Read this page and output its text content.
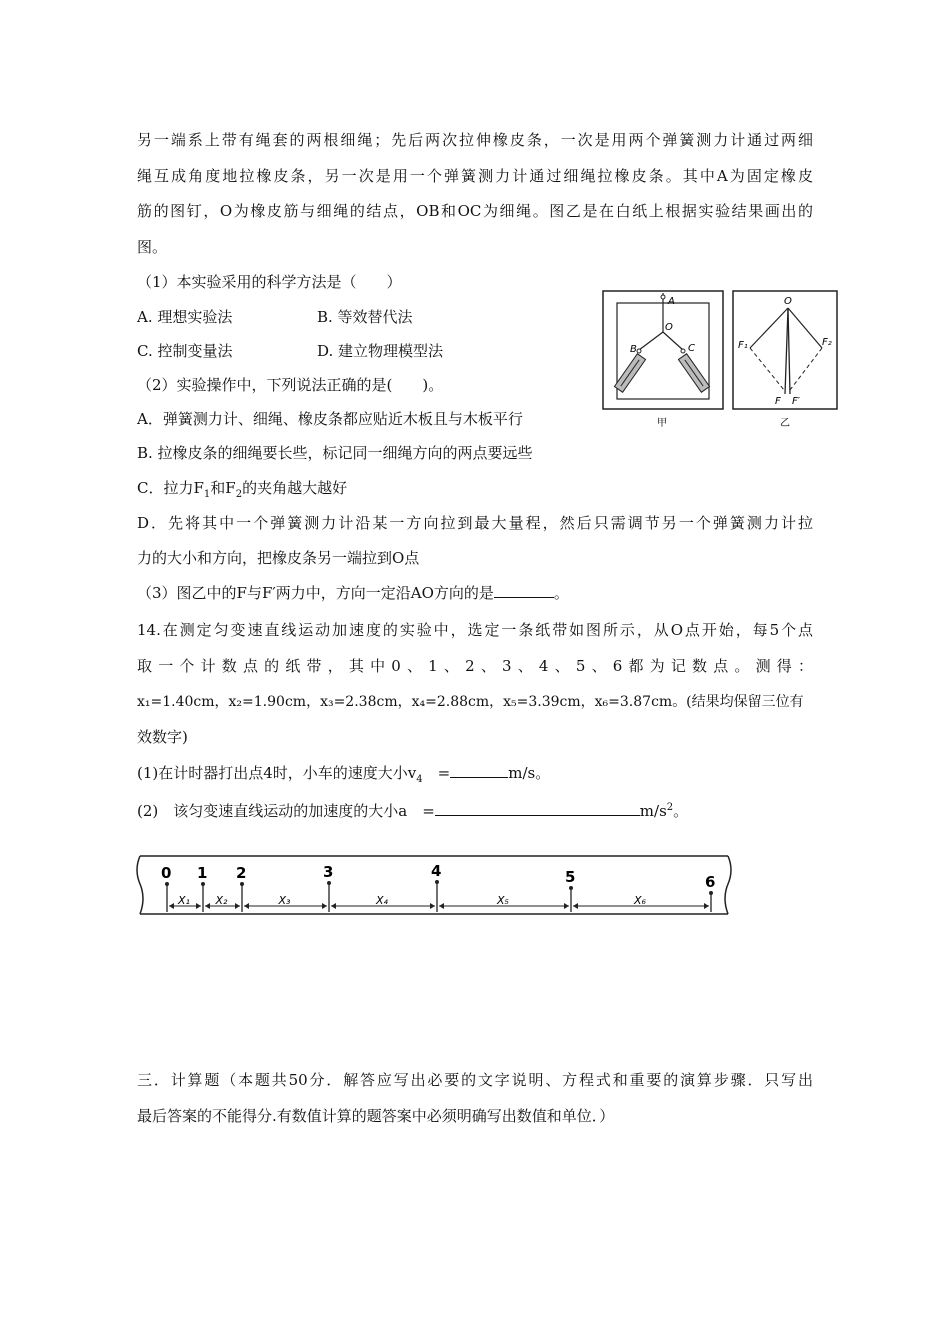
另一端系上带有绳套的两根细绳；先后两次拉伸橡皮条，一次是用两个弹簧测力计通过两细
绳互成角度地拉橡皮条，另一次是用一个弹簧测力计通过细绳拉橡皮条。其中A为固定橡皮
筋的图钉，O为橡皮筋与细绳的结点，OB和OC为细绳。图乙是在白纸上根据实验结果画出的
图。
（1）本实验采用的科学方法是（　　）
A. 理想实验法	B. 等效替代法
C. 控制变量法	D. 建立物理模型法
（2）实验操作中，下列说法正确的是(　　)。
A．弹簧测力计、细绳、橡皮条都应贴近木板且与木板平行
B. 拉橡皮条的细绳要长些，标记同一细绳方向的两点要远些
C．拉力$F_1$和$F_2$的夹角越大越好
D．先将其中一个弹簧测力计沿某一方向拉到最大量程，然后只需调节另一个弹簧测力计拉
力的大小和方向，把橡皮条另一端拉到O点
（3）图乙中的F与F′两力中，方向一定沿AO方向的是	。
14.在测定匀变速直线运动加速度的实验中，选定一条纸带如图所示，从O点开始，每5个点
取一个计数点的纸带，其中0、1、2、3、4、5、6都为记数点。测得：
x₁=1.40cm，x₂=1.90cm，x₃=2.38cm，x₄=2.88cm，x₅=3.39cm，x₆=3.87cm。(结果均保留三位有
效数字)
(1)在计时器打出点4时，小车的速度大小$v_4$　 =	m/s。
(2)　该匀变速直线运动的加速度的大小a　 =	$m/s^2$。
三．计算题（本题共50分．解答应写出必要的文字说明、方程式和重要的演算步骤．只写出
最后答案的不能得分.有数值计算的题答案中必须明确写出数值和单位．）
A
O
B	C
甲
O
F₁	F₂
F F′
乙
0 1 2	3	4	5	6
X₁ X₂	X₃	X₄	X₅	X₆
